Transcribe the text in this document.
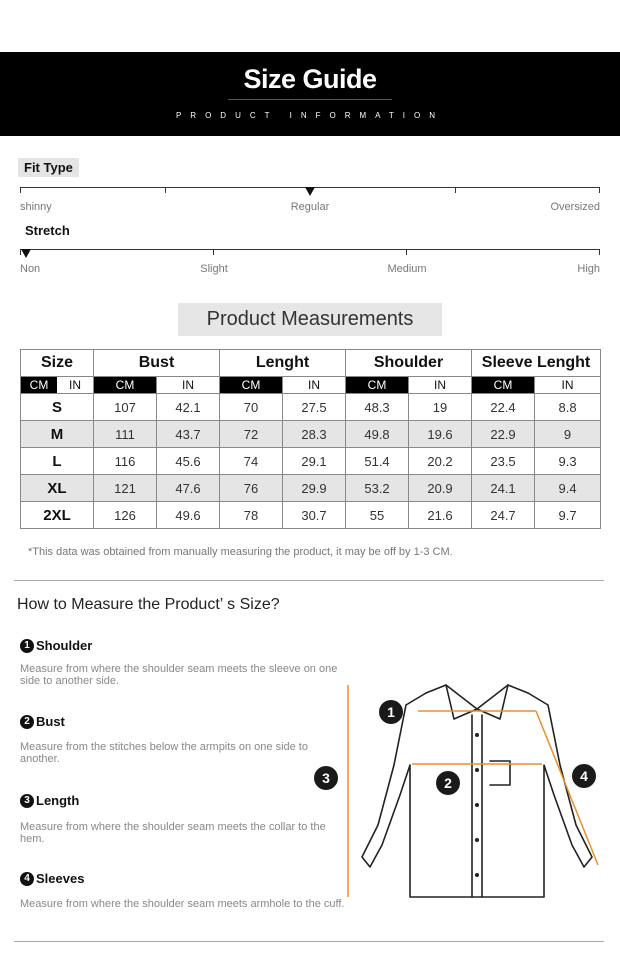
Size Guide
PRODUCT INFORMATION
Fit Type
shinny	Regular	Oversized
Stretch
Non	Slight	Medium	High
Product Measurements
Size	Bust		Lenght		Shoulder		Sleeve Lenght	

CM IN	CM	IN	CM	IN	CM	IN	CM	IN
S	107	42.1	70	27.5	48.3	19	22.4	8.8
M	111	43.7	72	28.3	49.8	19.6	22.9	9
L	116	45.6	74	29.1	51.4	20.2	23.5	9.3
XL	121	47.6	76	29.9	53.2	20.9	24.1	9.4
2XL	126	49.6	78	30.7	55	21.6	24.7	9.7
*This data was obtained from manually measuring the product, it may be off by 1-3 CM.
How to Measure the Product’ s Size?
1 Shoulder
Measure from where the shoulder seam meets the sleeve on one side to another side.
2 Bust
Measure from the stitches below the armpits on one side to another.
3 Length
Measure from where the shoulder seam meets the collar to the hem.
4 Sleeves
Measure from where the shoulder seam meets armhole to the cuff.
1
2
3	4
